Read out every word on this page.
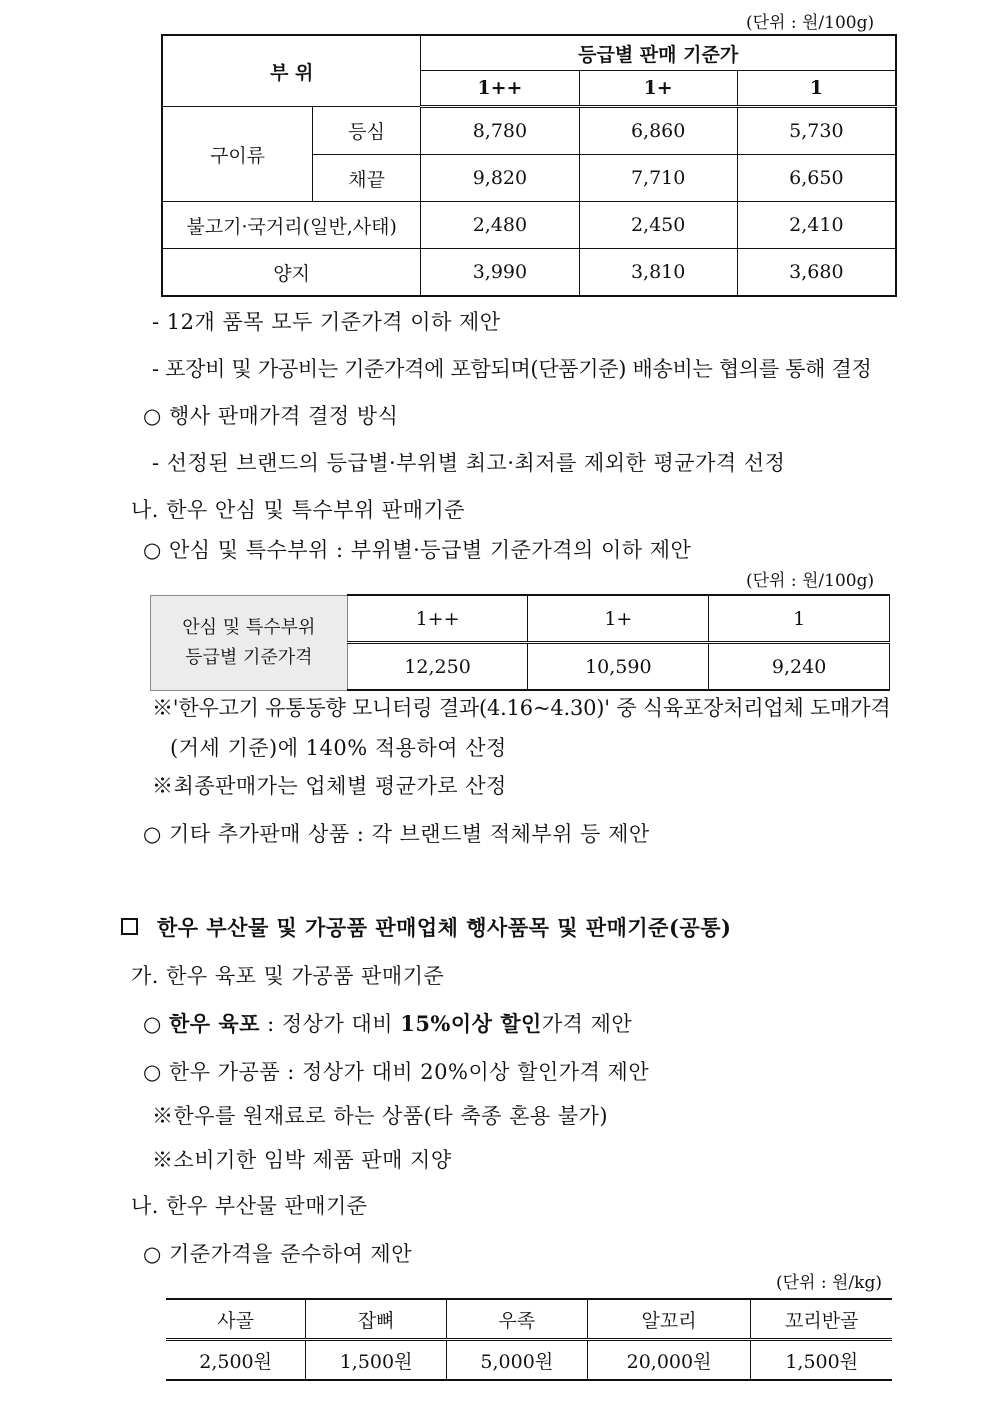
(단위 : 원/100g)
부 위		등급별 판매 기준가		
		1++	1+	1
구이류	등심	8,780	6,860	5,730
	채끝	9,820	7,710	6,650
불고기·국거리(일반,사태)		2,480	2,450	2,410
양지		3,990	3,810	3,680
- 12개 품목 모두 기준가격 이하 제안
- 포장비 및 가공비는 기준가격에 포함되며(단품기준) 배송비는 협의를 통해 결정
○ 행사 판매가격 결정 방식
- 선정된 브랜드의 등급별·부위별 최고·최저를 제외한 평균가격 선정
나. 한우 안심 및 특수부위 판매기준
○ 안심 및 특수부위 : 부위별·등급별 기준가격의 이하 제안
(단위 : 원/100g)
안심 및 특수부위
등급별 기준가격	1++	1+	1
	12,250	10,590	9,240
※'한우고기 유통동향 모니터링 결과(4.16~4.30)' 중 식육포장처리업체 도매가격
(거세 기준)에 140% 적용하여 산정
※최종판매가는 업체별 평균가로 산정
○ 기타 추가판매 상품 : 각 브랜드별 적체부위 등 제안
한우 부산물 및 가공품 판매업체 행사품목 및 판매기준(공통)
가. 한우 육포 및 가공품 판매기준
○ 한우 육포 : 정상가 대비 15%이상 할인가격 제안
○ 한우 가공품 : 정상가 대비 20%이상 할인가격 제안
※한우를 원재료로 하는 상품(타 축종 혼용 불가)
※소비기한 임박 제품 판매 지양
나. 한우 부산물 판매기준
○ 기준가격을 준수하여 제안
(단위 : 원/kg)
사골	잡뼈	우족	알꼬리	꼬리반골
2,500원	1,500원	5,000원	20,000원	1,500원
